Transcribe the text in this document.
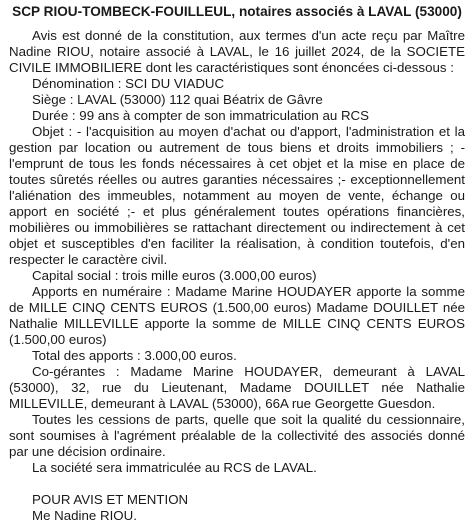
SCP RIOU-TOMBECK-FOUILLEUL, notaires associés à LAVAL (53000)

Avis est donné de la constitution, aux termes d'un acte reçu par Maître Nadine RIOU, notaire associé à LAVAL, le 16 juillet 2024, de la SOCIETE CIVILE IMMOBILIERE dont les caractéristiques sont énoncées ci-dessous :

Dénomination : SCI DU VIADUC

Siège : LAVAL (53000) 112 quai Béatrix de Gâvre

Durée : 99 ans à compter de son immatriculation au RCS

Objet : - l'acquisition au moyen d'achat ou d'apport, l'administration et la gestion par location ou autrement de tous biens et droits immobiliers ; - l'emprunt de tous les fonds nécessaires à cet objet et la mise en place de toutes sûretés réelles ou autres garanties nécessaires ;- exceptionnellement l'aliénation des immeubles, notamment au moyen de vente, échange ou apport en société ;- et plus généralement toutes opérations financières, mobilières ou immobilières se rattachant directement ou indirectement à cet objet et susceptibles d'en faciliter la réalisation, à condition toutefois, d'en respecter le caractère civil.

Capital social : trois mille euros (3.000,00 euros)

Apports en numéraire : Madame Marine HOUDAYER apporte la somme de MILLE CINQ CENTS EUROS (1.500,00 euros) Madame DOUILLET née Nathalie MILLEVILLE apporte la somme de MILLE CINQ CENTS EUROS (1.500,00 euros)

Total des apports : 3.000,00 euros.

Co-gérantes : Madame Marine HOUDAYER, demeurant à LAVAL (53000), 32, rue du Lieutenant, Madame DOUILLET née Nathalie MILLEVILLE, demeurant à LAVAL (53000), 66A rue Georgette Guesdon.

Toutes les cessions de parts, quelle que soit la qualité du cessionnaire, sont soumises à l'agrément préalable de la collectivité des associés donné par une décision ordinaire.

La société sera immatriculée au RCS de LAVAL.

POUR AVIS ET MENTION

Me Nadine RIOU.
